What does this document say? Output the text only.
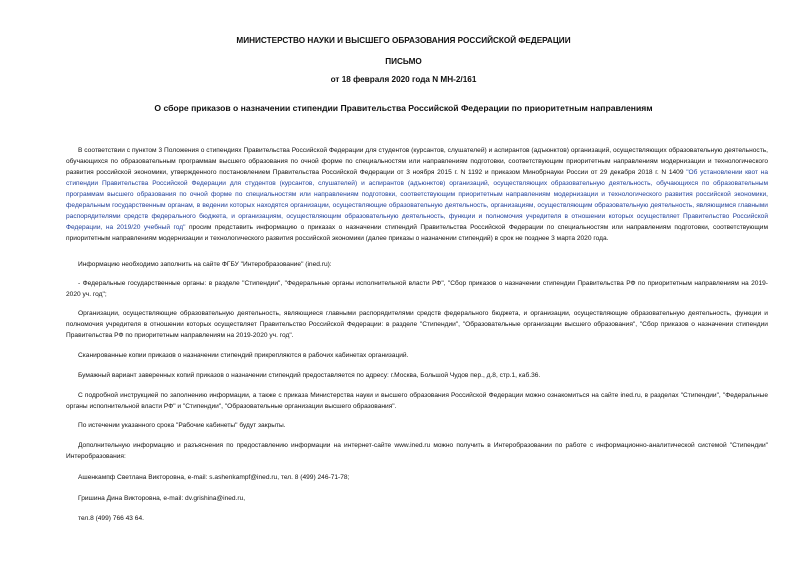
МИНИСТЕРСТВО НАУКИ И ВЫСШЕГО ОБРАЗОВАНИЯ РОССИЙСКОЙ ФЕДЕРАЦИИ
ПИСЬМО
от 18 февраля 2020 года N МН-2/161
О сборе приказов о назначении стипендии Правительства Российской Федерации по приоритетным направлениям

В соответствии с пунктом 3 Положения о стипендиях Правительства Российской Федерации для студентов (курсантов, слушателей) и аспирантов (адъюнктов) организаций, осуществляющих образовательную деятельность, обучающихся по образовательным программам высшего образования по очной форме по специальностям или направлениям подготовки, соответствующим приоритетным направлениям модернизации и технологического развития российской экономики, утвержденного постановлением Правительства Российской Федерации от 3 ноября 2015 г. N 1192 и приказом Минобрнауки России от 29 декабря 2018 г. N 1409 "Об установлении квот на стипендии Правительства Российской Федерации для студентов (курсантов, слушателей) и аспирантов (адъюнктов) организаций, осуществляющих образовательную деятельность, обучающихся по образовательным программам высшего образования по очной форме по специальностям или направлениям подготовки, соответствующим приоритетным направлениям модернизации и технологического развития российской экономики, федеральным государственным органам, в ведении которых находятся организации, осуществляющие образовательную деятельность, организациям, осуществляющим образовательную деятельность, являющимся главными распорядителями средств федерального бюджета, и организациям, осуществляющим образовательную деятельность, функции и полномочия учредителя в отношении которых осуществляет Правительство Российской Федерации, на 2019/20 учебный год" просим представить информацию о приказах о назначении стипендий Правительства Российской Федерации по специальностям или направлениям подготовки, соответствующим приоритетным направлениям модернизации и технологического развития российской экономики (далее приказы о назначении стипендий) в срок не позднее 3 марта 2020 года.

Информацию необходимо заполнить на сайте ФГБУ "Интеробразование" (ined.ru):

- Федеральные государственные органы: в разделе "Стипендии", "Федеральные органы исполнительной власти РФ", "Сбор приказов о назначении стипендии Правительства РФ по приоритетным направлениям на 2019-2020 уч. год";

Организации, осуществляющие образовательную деятельность, являющиеся главными распорядителями средств федерального бюджета, и организации, осуществляющие образовательную деятельность, функции и полномочия учредителя в отношении которых осуществляет Правительство Российской Федерации: в разделе "Стипендии", "Образовательные организации высшего образования", "Сбор приказов о назначении стипендии Правительства РФ по приоритетным направлениям на 2019-2020 уч. год".

Сканированные копии приказов о назначении стипендий прикрепляются в рабочих кабинетах организаций.

Бумажный вариант заверенных копий приказов о назначении стипендий предоставляется по адресу: г.Москва, Большой Чудов пер., д.8, стр.1, каб.36.

С подробной инструкцией по заполнению информации, а также с приказа Министерства науки и высшего образования Российской Федерации можно ознакомиться на сайте ined.ru, в разделах "Стипендии", "Федеральные органы исполнительной власти РФ" и "Стипендии", "Образовательные организации высшего образования".

По истечении указанного срока "Рабочие кабинеты" будут закрыты.

Дополнительную информацию и разъяснения по предоставлению информации на интернет-сайте www.ined.ru можно получить в Интеробразовании по работе с информационно-аналитической системой "Стипендии" Интеробразования:

Ашенкампф Светлана Викторовна, e-mail: s.ashenkampf@ined.ru, тел. 8 (499) 246-71-78;

Гришина Дина Викторовна, e-mail: dv.grishina@ined.ru,

тел.8 (499) 766 43 64.
